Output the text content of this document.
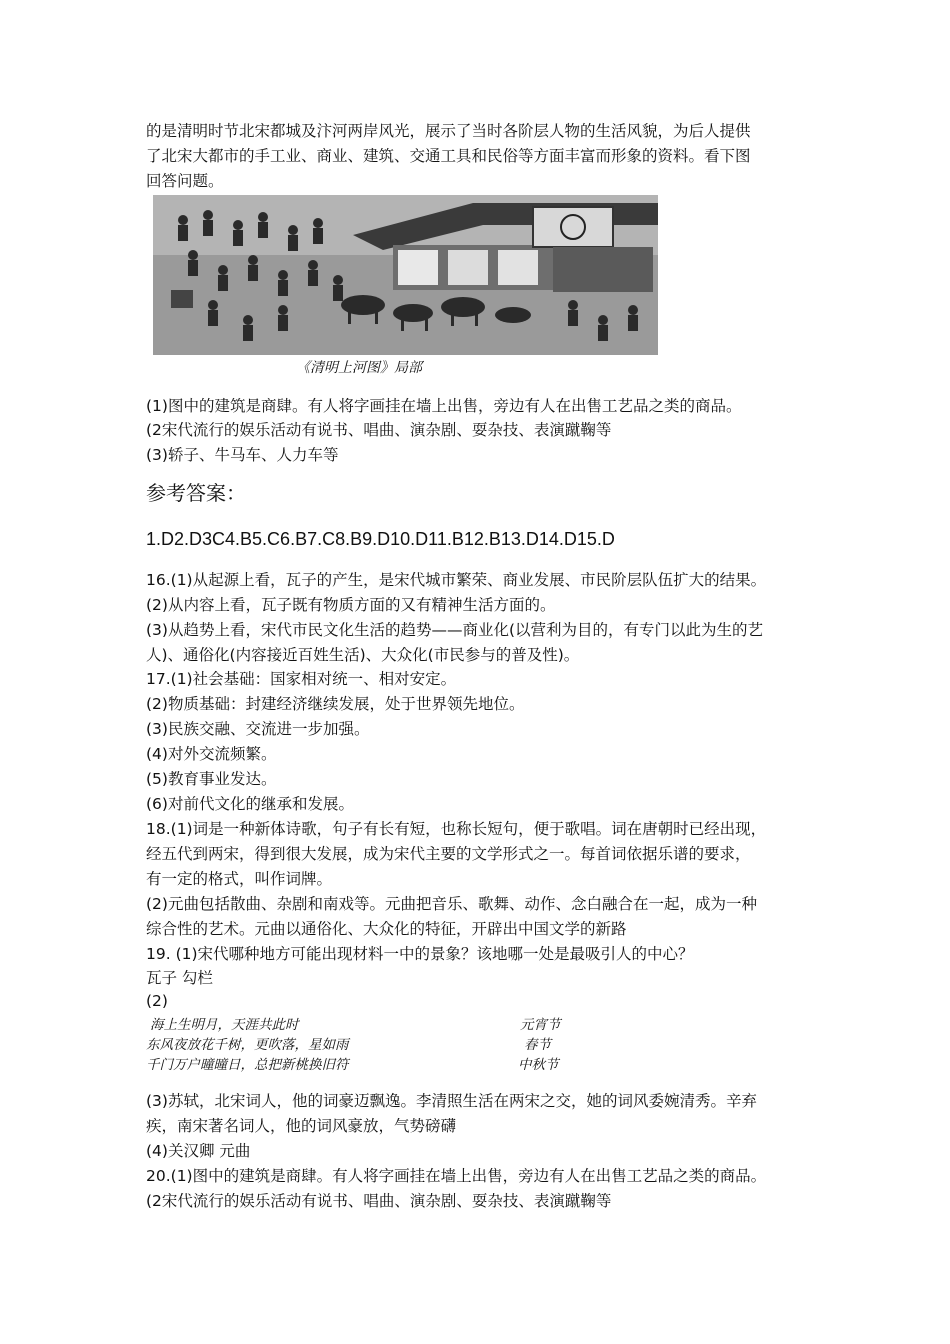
的是清明时节北宋都城及汴河两岸风光，展示了当时各阶层人物的生活风貌，为后人提供
了北宋大都市的手工业、商业、建筑、交通工具和民俗等方面丰富而形象的资料。看下图
回答问题。
《清明上河图》局部
(1)图中的建筑是商肆。有人将字画挂在墙上出售，旁边有人在出售工艺品之类的商品。
(2宋代流行的娱乐活动有说书、唱曲、演杂剧、耍杂技、表演蹴鞠等
(3)轿子、牛马车、人力车等
参考答案：
1.D2.D3C4.B5.C6.B7.C8.B9.D10.D11.B12.B13.D14.D15.D
16.(1)从起源上看，瓦子的产生，是宋代城市繁荣、商业发展、市民阶层队伍扩大的结果。
(2)从内容上看，瓦子既有物质方面的又有精神生活方面的。
(3)从趋势上看，宋代市民文化生活的趋势——商业化(以营利为目的，有专门以此为生的艺
人)、通俗化(内容接近百姓生活)、大众化(市民参与的普及性)。
17.(1)社会基础：国家相对统一、相对安定。
(2)物质基础：封建经济继续发展，处于世界领先地位。
(3)民族交融、交流进一步加强。
(4)对外交流频繁。
(5)教育事业发达。
(6)对前代文化的继承和发展。
18.(1)词是一种新体诗歌，句子有长有短，也称长短句，便于歌唱。词在唐朝时已经出现，
经五代到两宋，得到很大发展，成为宋代主要的文学形式之一。每首词依据乐谱的要求，
有一定的格式，叫作词牌。
(2)元曲包括散曲、杂剧和南戏等。元曲把音乐、歌舞、动作、念白融合在一起，成为一种
综合性的艺术。元曲以通俗化、大众化的特征，开辟出中国文学的新路
19. (1)宋代哪种地方可能出现材料一中的景象？该地哪一处是最吸引人的中心？
瓦子 勾栏
(2)
海上生明月，天涯共此时	元宵节
东风夜放花千树，更吹落，星如雨	春节
千门万户曈曈日，总把新桃换旧符	中秋节
(3)苏轼，北宋词人，他的词豪迈飘逸。李清照生活在两宋之交，她的词风委婉清秀。辛弃
疾，南宋著名词人，他的词风豪放，气势磅礴
(4)关汉卿 元曲
20.(1)图中的建筑是商肆。有人将字画挂在墙上出售，旁边有人在出售工艺品之类的商品。
(2宋代流行的娱乐活动有说书、唱曲、演杂剧、耍杂技、表演蹴鞠等
